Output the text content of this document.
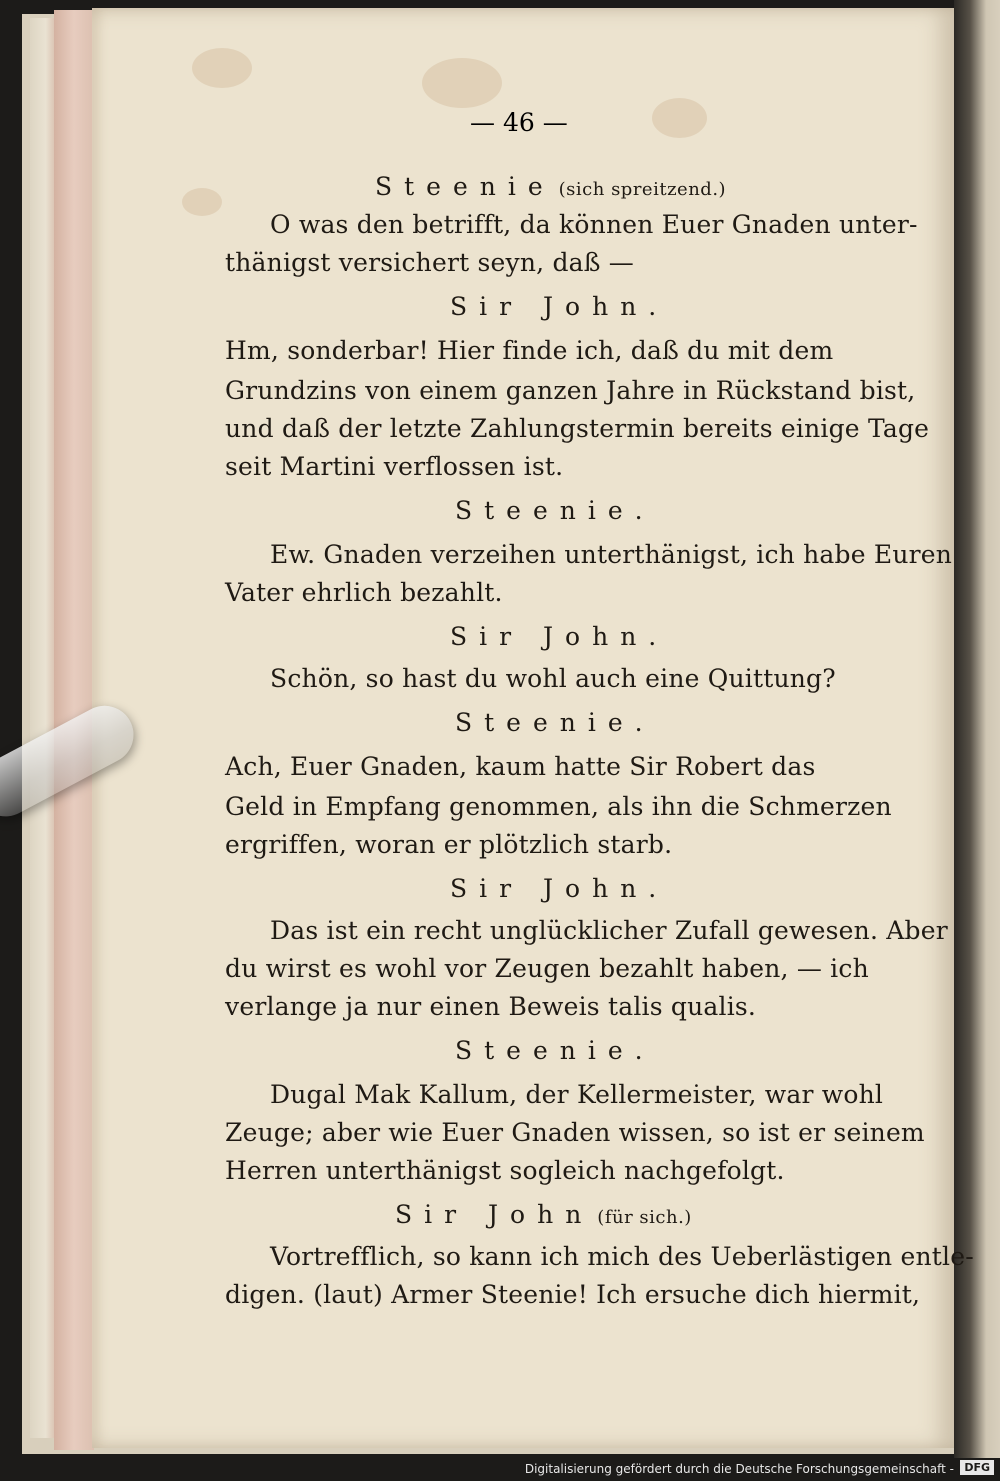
— 46 —
Steenie (sich spreitzend.)
O was den betrifft, da können Euer Gnaden unter-
thänigst versichert seyn, daß —
Sir John.
Hm, sonderbar! Hier finde ich, daß du mit dem
Grundzins von einem ganzen Jahre in Rückstand bist,
und daß der letzte Zahlungstermin bereits einige Tage
seit Martini verflossen ist.
Steenie.
Ew. Gnaden verzeihen unterthänigst, ich habe Euren
Vater ehrlich bezahlt.
Sir John.
Schön, so hast du wohl auch eine Quittung?
Steenie.
Ach, Euer Gnaden, kaum hatte Sir Robert das
Geld in Empfang genommen, als ihn die Schmerzen
ergriffen, woran er plötzlich starb.
Sir John.
Das ist ein recht unglücklicher Zufall gewesen. Aber
du wirst es wohl vor Zeugen bezahlt haben, — ich
verlange ja nur einen Beweis talis qualis.
Steenie.
Dugal Mak Kallum, der Kellermeister, war wohl
Zeuge; aber wie Euer Gnaden wissen, so ist er seinem
Herren unterthänigst sogleich nachgefolgt.
Sir John (für sich.)
Vortrefflich, so kann ich mich des Ueberlästigen entle-
digen. (laut) Armer Steenie! Ich ersuche dich hiermit,
Digitalisierung gefördert durch die Deutsche Forschungsgemeinschaft - DFG
